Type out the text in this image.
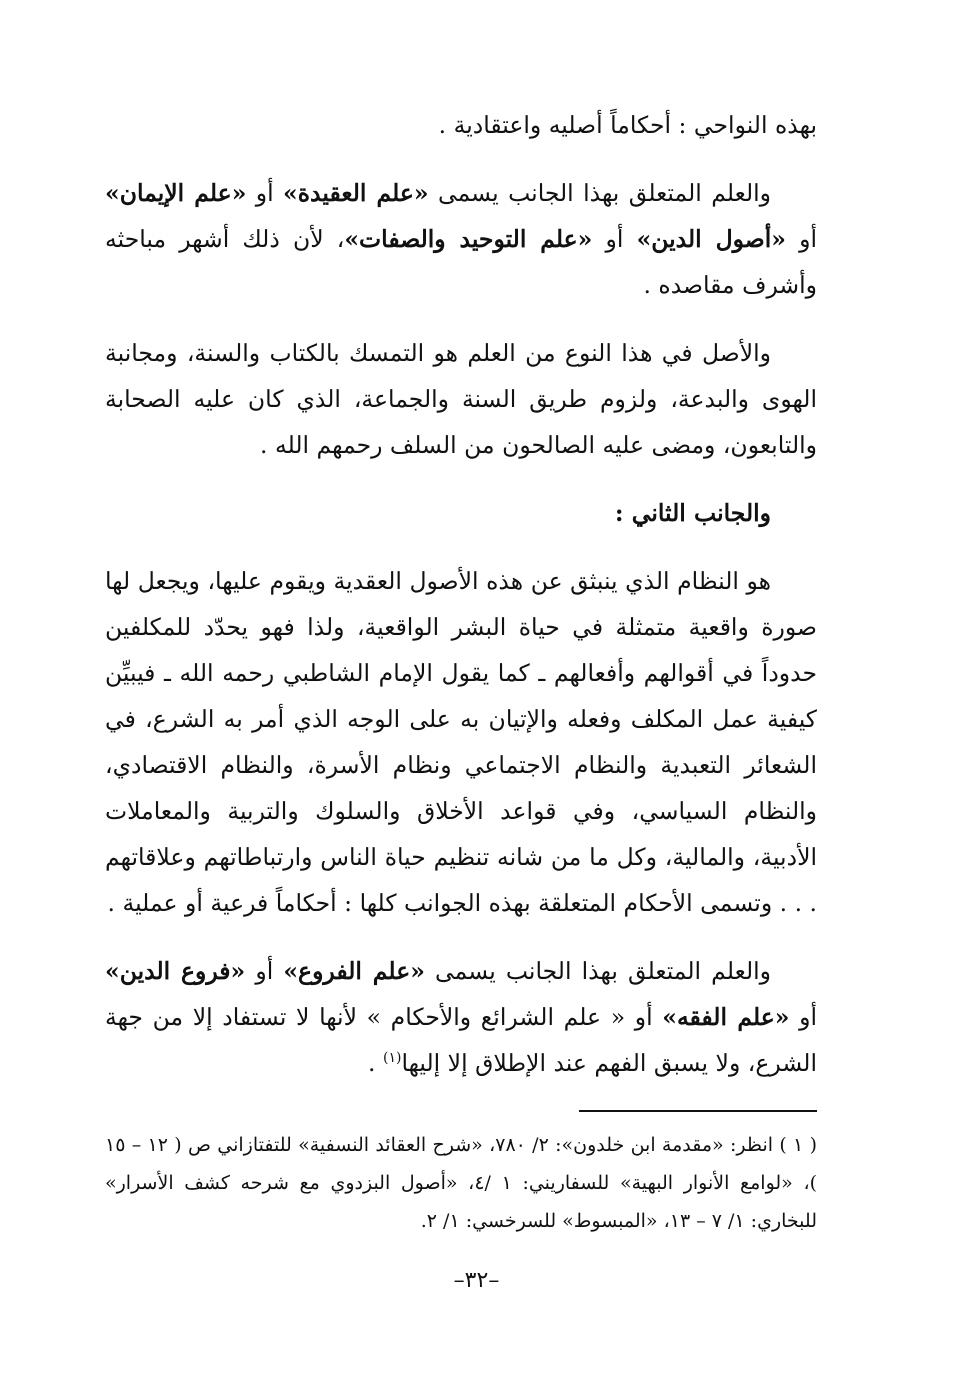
بهذه النواحي : أحكاماً أصليه واعتقادية .

والعلم المتعلق بهذا الجانب يسمى «علم العقيدة» أو «علم الإيمان» أو «أصول الدين» أو «علم التوحيد والصفات»، لأن ذلك أشهر مباحثه وأشرف مقاصده .

والأصل في هذا النوع من العلم هو التمسك بالكتاب والسنة، ومجانبة الهوى والبدعة، ولزوم طريق السنة والجماعة، الذي كان عليه الصحابة والتابعون، ومضى عليه الصالحون من السلف رحمهم الله .

والجانب الثاني :

هو النظام الذي ينبثق عن هذه الأصول العقدية ويقوم عليها، ويجعل لها صورة واقعية متمثلة في حياة البشر الواقعية، ولذا فهو يحدّد للمكلفين حدوداً في أقوالهم وأفعالهم ـ كما يقول الإمام الشاطبي رحمه الله ـ فيبيِّن كيفية عمل المكلف وفعله والإتيان به على الوجه الذي أمر به الشرع، في الشعائر التعبدية والنظام الاجتماعي ونظام الأسرة، والنظام الاقتصادي، والنظام السياسي، وفي قواعد الأخلاق والسلوك والتربية والمعاملات الأدبية، والمالية، وكل ما من شانه تنظيم حياة الناس وارتباطاتهم وعلاقاتهم . . . وتسمى الأحكام المتعلقة بهذه الجوانب كلها : أحكاماً فرعية أو عملية .

والعلم المتعلق بهذا الجانب يسمى «علم الفروع» أو «فروع الدين» أو «علم الفقه» أو « علم الشرائع والأحكام » لأنها لا تستفاد إلا من جهة الشرع، ولا يسبق الفهم عند الإطلاق إلا إليها$^{(١)}$ .

( ١ ) انظر: «مقدمة ابن خلدون»: ٢/ ٧٨٠، «شرح العقائد النسفية» للتفتازاني ص ( ١٢ – ١٥ )، «لوامع الأنوار البهية» للسفاريني: ١ /٤، «أصول البزدوي مع شرحه كشف الأسرار» للبخاري: ١/ ٧ – ١٣، «المبسوط» للسرخسي: ١/ ٢.

–٣٢–
